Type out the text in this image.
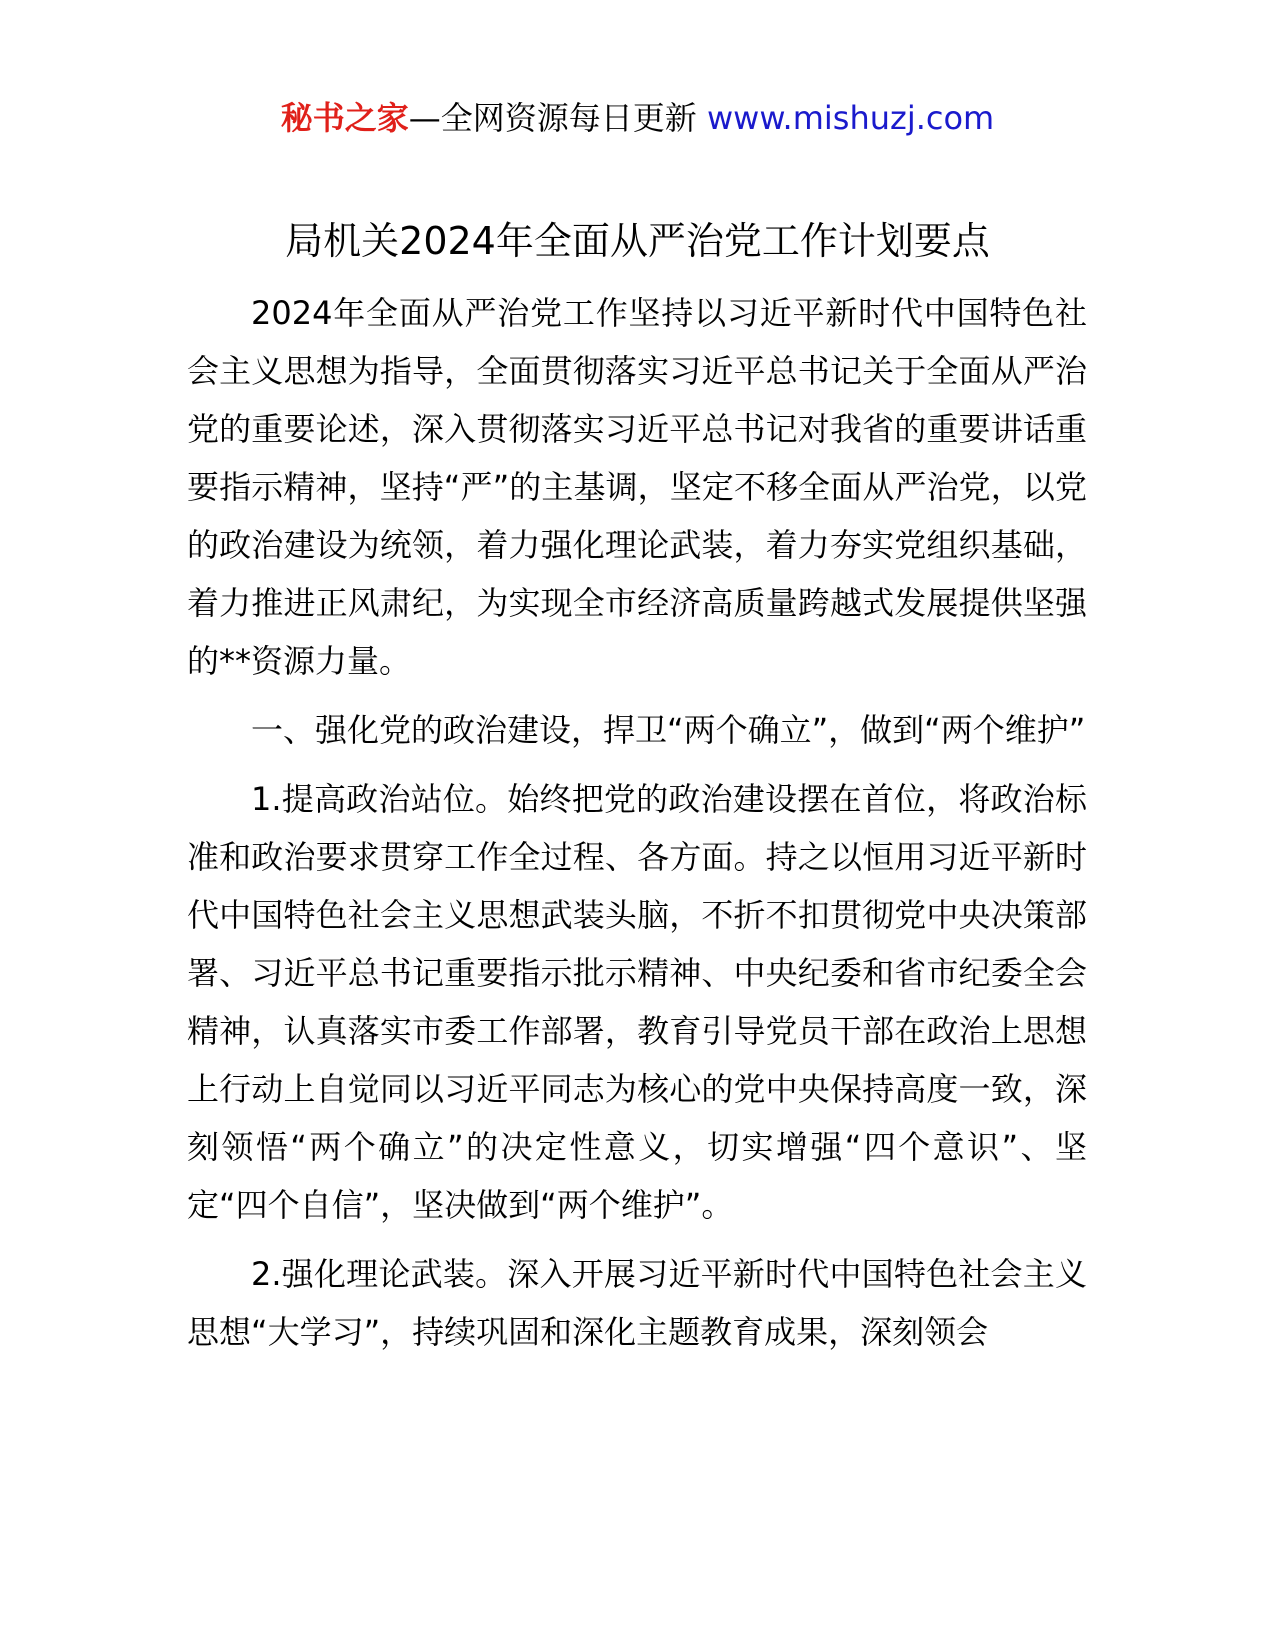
秘书之家—全网资源每日更新 www.mishuzj.com
局机关2024年全面从严治党工作计划要点

2024年全面从严治党工作坚持以习近平新时代中国特色社会主义思想为指导，全面贯彻落实习近平总书记关于全面从严治党的重要论述，深入贯彻落实习近平总书记对我省的重要讲话重要指示精神，坚持“严”的主基调，坚定不移全面从严治党，以党的政治建设为统领，着力强化理论武装，着力夯实党组织基础，着力推进正风肃纪，为实现全市经济高质量跨越式发展提供坚强的**资源力量。

一、强化党的政治建设，捍卫“两个确立”，做到“两个维护”

1.提高政治站位。始终把党的政治建设摆在首位，将政治标准和政治要求贯穿工作全过程、各方面。持之以恒用习近平新时代中国特色社会主义思想武装头脑，不折不扣贯彻党中央决策部署、习近平总书记重要指示批示精神、中央纪委和省市纪委全会精神，认真落实市委工作部署，教育引导党员干部在政治上思想上行动上自觉同以习近平同志为核心的党中央保持高度一致，深刻领悟“两个确立”的决定性意义，切实增强“四个意识”、坚定“四个自信”，坚决做到“两个维护”。

2.强化理论武装。深入开展习近平新时代中国特色社会主义思想“大学习”，持续巩固和深化主题教育成果，深刻领会
